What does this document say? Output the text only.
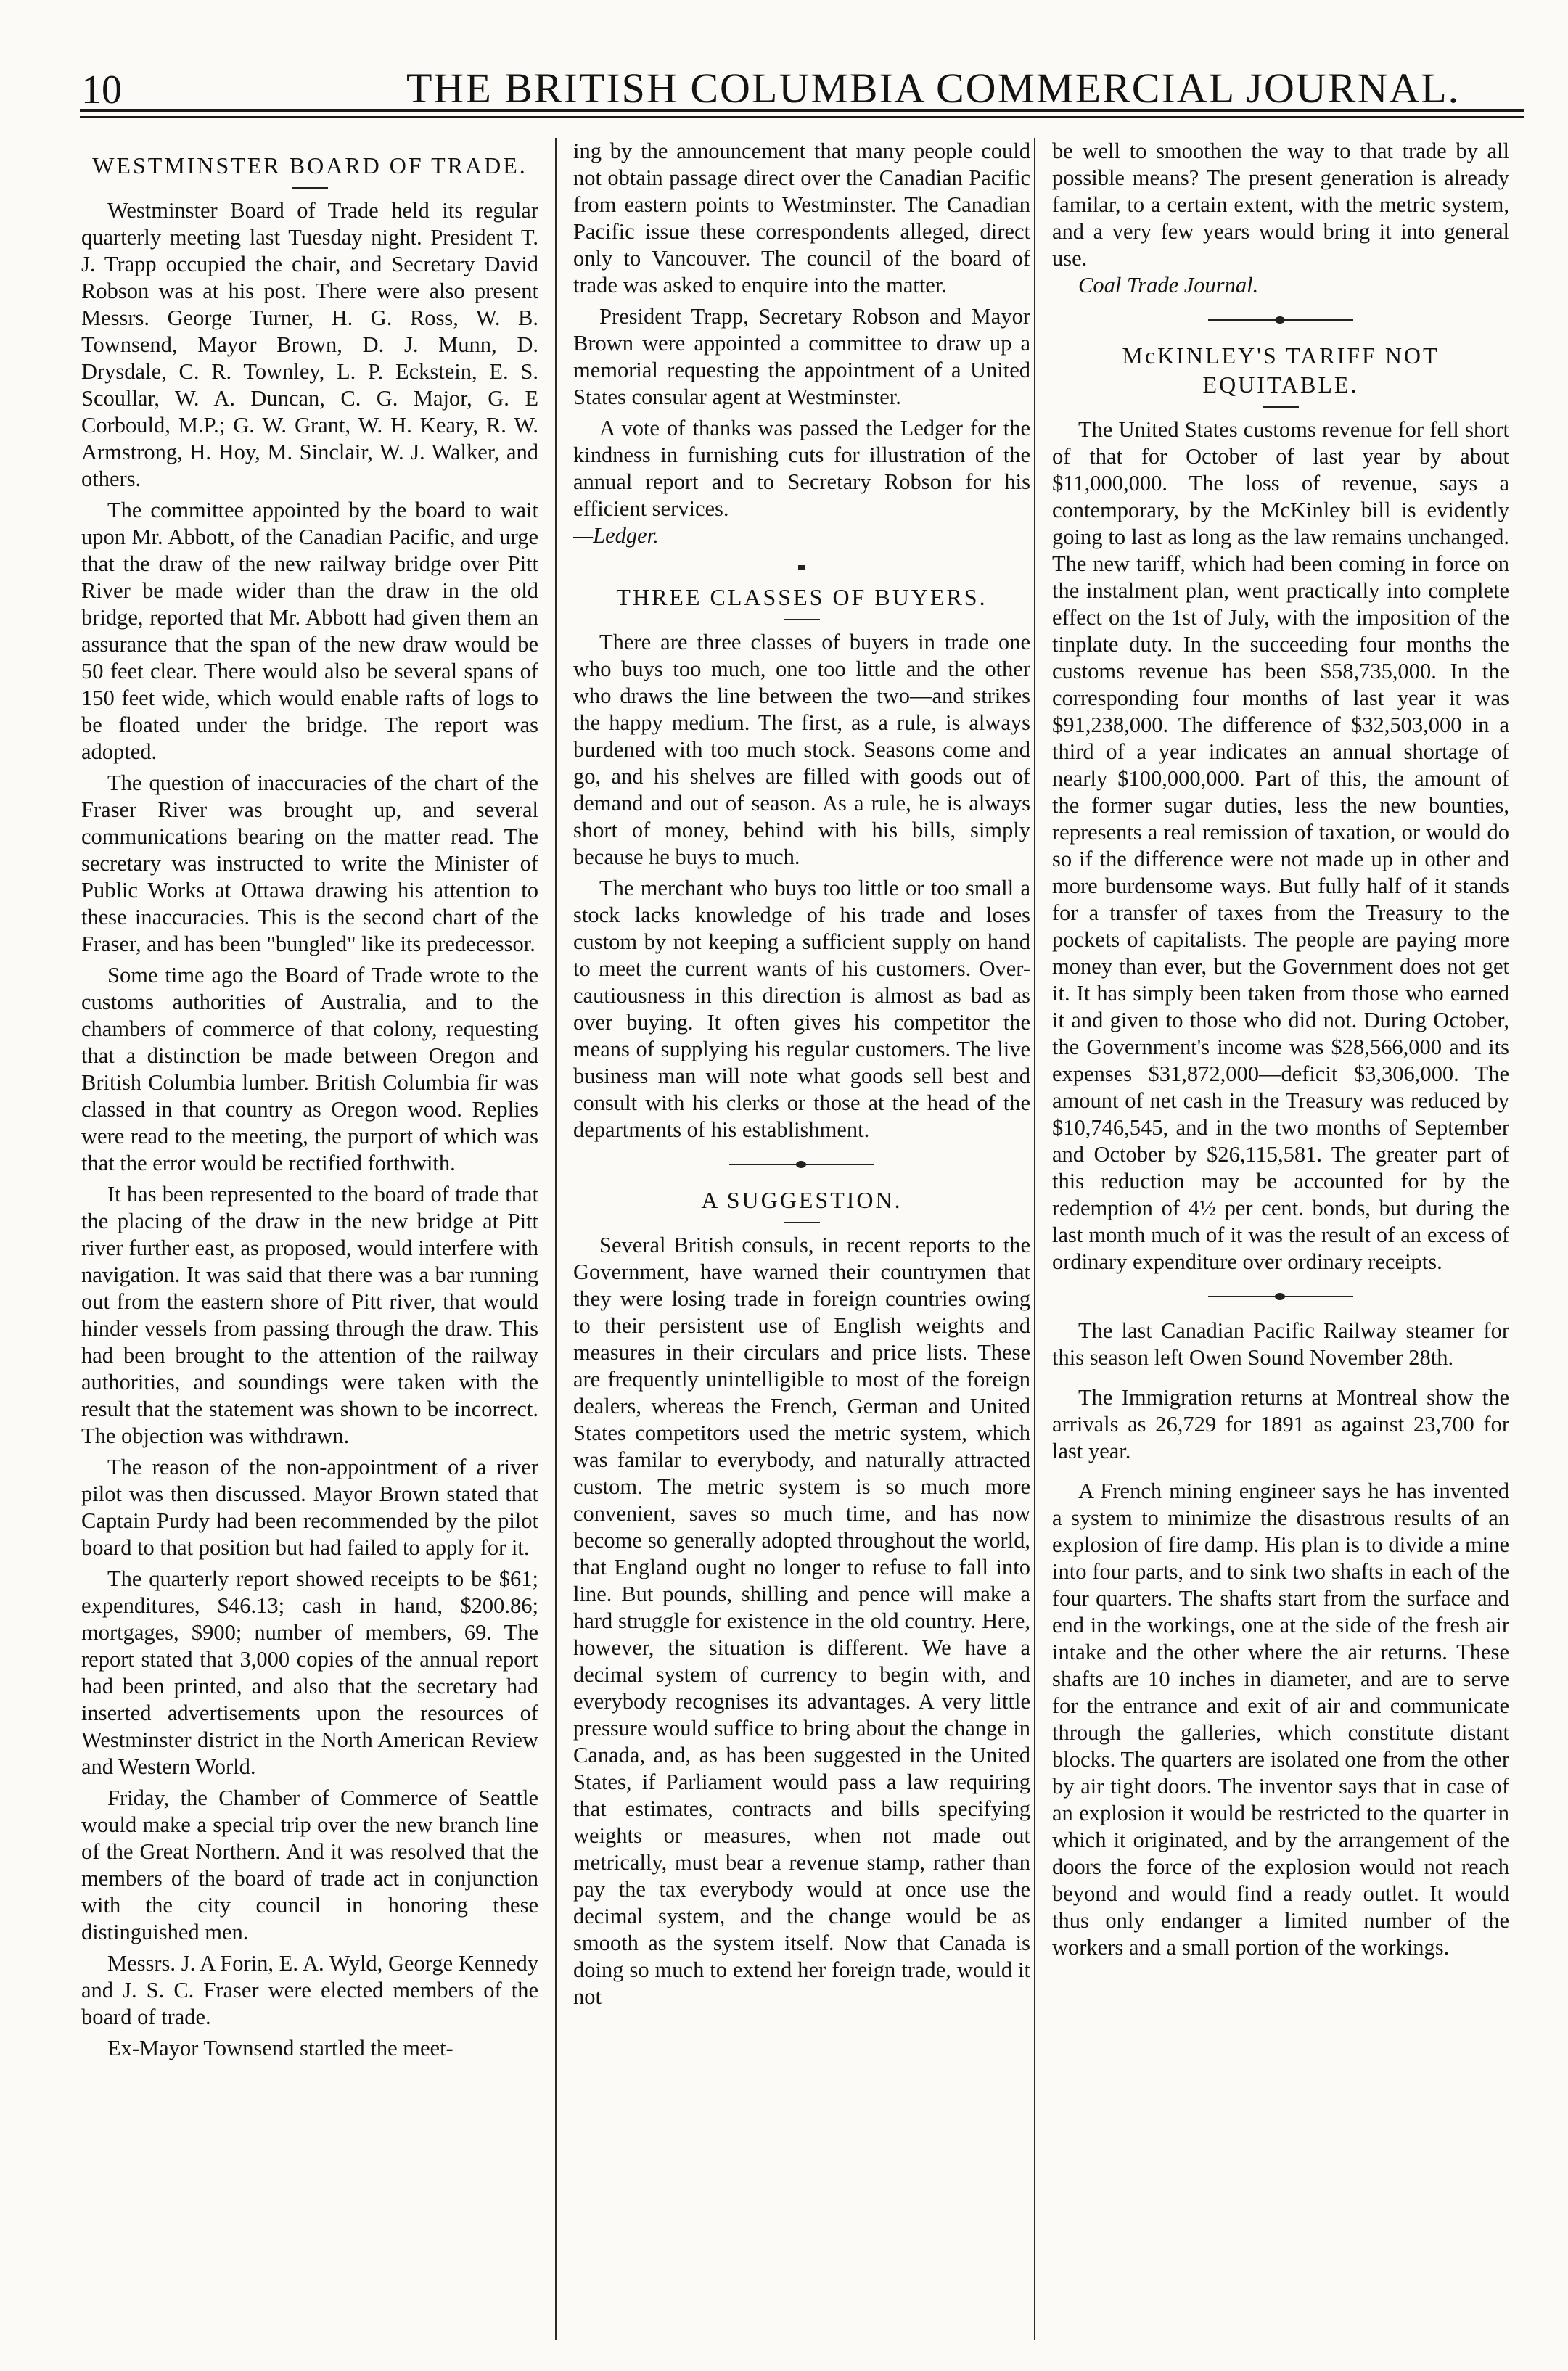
10	THE BRITISH COLUMBIA COMMERCIAL JOURNAL.
WESTMINSTER BOARD OF TRADE.

Westminster Board of Trade held its regular quarterly meeting last Tuesday night. President T. J. Trapp occupied the chair, and Secretary David Robson was at his post. There were also present Messrs. George Turner, H. G. Ross, W. B. Townsend, Mayor Brown, D. J. Munn, D. Drysdale, C. R. Townley, L. P. Eckstein, E. S. Scoullar, W. A. Duncan, C. G. Major, G. E Corbould, M.P.; G. W. Grant, W. H. Keary, R. W. Armstrong, H. Hoy, M. Sinclair, W. J. Walker, and others.

The committee appointed by the board to wait upon Mr. Abbott, of the Canadian Pacific, and urge that the draw of the new railway bridge over Pitt River be made wider than the draw in the old bridge, reported that Mr. Abbott had given them an assurance that the span of the new draw would be 50 feet clear. There would also be several spans of 150 feet wide, which would enable rafts of logs to be floated under the bridge. The report was adopted.

The question of inaccuracies of the chart of the Fraser River was brought up, and several communications bearing on the matter read. The secretary was instructed to write the Minister of Public Works at Ottawa drawing his attention to these inaccuracies. This is the second chart of the Fraser, and has been "bungled" like its predecessor.

Some time ago the Board of Trade wrote to the customs authorities of Australia, and to the chambers of commerce of that colony, requesting that a distinction be made between Oregon and British Columbia lumber. British Columbia fir was classed in that country as Oregon wood. Replies were read to the meeting, the purport of which was that the error would be rectified forthwith.

It has been represented to the board of trade that the placing of the draw in the new bridge at Pitt river further east, as proposed, would interfere with navigation. It was said that there was a bar running out from the eastern shore of Pitt river, that would hinder vessels from passing through the draw. This had been brought to the attention of the railway authorities, and soundings were taken with the result that the statement was shown to be incorrect. The objection was withdrawn.

The reason of the non-appointment of a river pilot was then discussed. Mayor Brown stated that Captain Purdy had been recommended by the pilot board to that position but had failed to apply for it.

The quarterly report showed receipts to be $61; expenditures, $46.13; cash in hand, $200.86; mortgages, $900; number of members, 69. The report stated that 3,000 copies of the annual report had been printed, and also that the secretary had inserted advertisements upon the resources of Westminster district in the North American Review and Western World.

Friday, the Chamber of Commerce of Seattle would make a special trip over the new branch line of the Great Northern. And it was resolved that the members of the board of trade act in conjunction with the city council in honoring these distinguished men.

Messrs. J. A Forin, E. A. Wyld, George Kennedy and J. S. C. Fraser were elected members of the board of trade.

Ex-Mayor Townsend startled the meet-

ing by the announcement that many people could not obtain passage direct over the Canadian Pacific from eastern points to Westminster. The Canadian Pacific issue these correspondents alleged, direct only to Vancouver. The council of the board of trade was asked to enquire into the matter.

President Trapp, Secretary Robson and Mayor Brown were appointed a committee to draw up a memorial requesting the appointment of a United States consular agent at Westminster.

A vote of thanks was passed the Ledger for the kindness in furnishing cuts for illustration of the annual report and to Secretary Robson for his efficient services.

—Ledger.
THREE CLASSES OF BUYERS.

There are three classes of buyers in trade one who buys too much, one too little and the other who draws the line between the two—and strikes the happy medium. The first, as a rule, is always burdened with too much stock. Seasons come and go, and his shelves are filled with goods out of demand and out of season. As a rule, he is always short of money, behind with his bills, simply because he buys to much.

The merchant who buys too little or too small a stock lacks knowledge of his trade and loses custom by not keeping a sufficient supply on hand to meet the current wants of his customers. Over-cautiousness in this direction is almost as bad as over buying. It often gives his competitor the means of supplying his regular customers. The live business man will note what goods sell best and consult with his clerks or those at the head of the departments of his establishment.

A SUGGESTION.

Several British consuls, in recent reports to the Government, have warned their countrymen that they were losing trade in foreign countries owing to their persistent use of English weights and measures in their circulars and price lists. These are frequently unintelligible to most of the foreign dealers, whereas the French, German and United States competitors used the metric system, which was familar to everybody, and naturally attracted custom. The metric system is so much more convenient, saves so much time, and has now become so generally adopted throughout the world, that England ought no longer to refuse to fall into line. But pounds, shilling and pence will make a hard struggle for existence in the old country. Here, however, the situation is different. We have a decimal system of currency to begin with, and everybody recognises its advantages. A very little pressure would suffice to bring about the change in Canada, and, as has been suggested in the United States, if Parliament would pass a law requiring that estimates, contracts and bills specifying weights or measures, when not made out metrically, must bear a revenue stamp, rather than pay the tax everybody would at once use the decimal system, and the change would be as smooth as the system itself. Now that Canada is doing so much to extend her foreign trade, would it not

be well to smoothen the way to that trade by all possible means? The present generation is already familar, to a certain extent, with the metric system, and a very few years would bring it into general use.

Coal Trade Journal.
McKINLEY'S TARIFF NOT EQUITABLE.

The United States customs revenue for fell short of that for October of last year by about $11,000,000. The loss of revenue, says a contemporary, by the McKinley bill is evidently going to last as long as the law remains unchanged. The new tariff, which had been coming in force on the instalment plan, went practically into complete effect on the 1st of July, with the imposition of the tinplate duty. In the succeeding four months the customs revenue has been $58,735,000. In the corresponding four months of last year it was $91,238,000. The difference of $32,503,000 in a third of a year indicates an annual shortage of nearly $100,000,000. Part of this, the amount of the former sugar duties, less the new bounties, represents a real remission of taxation, or would do so if the difference were not made up in other and more burdensome ways. But fully half of it stands for a transfer of taxes from the Treasury to the pockets of capitalists. The people are paying more money than ever, but the Government does not get it. It has simply been taken from those who earned it and given to those who did not. During October, the Government's income was $28,566,000 and its expenses $31,872,000—deficit $3,306,000. The amount of net cash in the Treasury was reduced by $10,746,545, and in the two months of September and October by $26,115,581. The greater part of this reduction may be accounted for by the redemption of 4½ per cent. bonds, but during the last month much of it was the result of an excess of ordinary expenditure over ordinary receipts.

The last Canadian Pacific Railway steamer for this season left Owen Sound November 28th.

The Immigration returns at Montreal show the arrivals as 26,729 for 1891 as against 23,700 for last year.

A French mining engineer says he has invented a system to minimize the disastrous results of an explosion of fire damp. His plan is to divide a mine into four parts, and to sink two shafts in each of the four quarters. The shafts start from the surface and end in the workings, one at the side of the fresh air intake and the other where the air returns. These shafts are 10 inches in diameter, and are to serve for the entrance and exit of air and communicate through the galleries, which constitute distant blocks. The quarters are isolated one from the other by air tight doors. The inventor says that in case of an explosion it would be restricted to the quarter in which it originated, and by the arrangement of the doors the force of the explosion would not reach beyond and would find a ready outlet. It would thus only endanger a limited number of the workers and a small portion of the workings.
